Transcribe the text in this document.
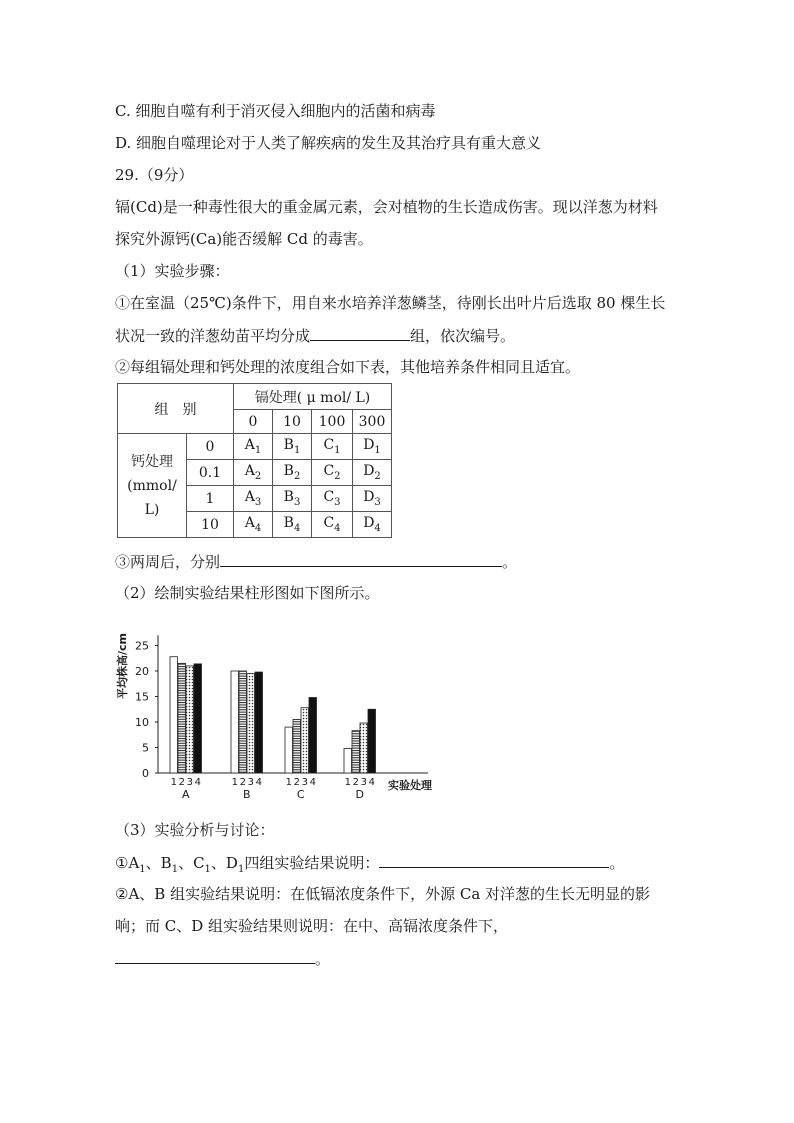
C. 细胞自噬有利于消灭侵入细胞内的活菌和病毒
D. 细胞自噬理论对于人类了解疾病的发生及其治疗具有重大意义
29.（9分）
镉(Cd)是一种毒性很大的重金属元素，会对植物的生长造成伤害。现以洋葱为材料
探究外源钙(Ca)能否缓解 Cd 的毒害。
（1）实验步骤：
①在室温（25℃)条件下，用自来水培养洋葱鳞茎，待刚长出叶片后选取 80 棵生长
状况一致的洋葱幼苗平均分成	组，依次编号。
②每组镉处理和钙处理的浓度组合如下表，其他培养条件相同且适宜。
组　别		镉处理( μ mol/ L)			
		0	10	100	300
钙处理
(mmol/
L)	0	$A_1$	$B_1$	$C_1$	$D_1$
	0.1	$A_2$	$B_2$	$C_2$	$D_2$
	1	$A_3$	$B_3$	$C_3$	$D_3$
	10	$A_4$	$B_4$	$C_4$	$D_4$
③两周后，分别	。
（2）绘制实验结果柱形图如下图所示。
0
5
10
15
20
25
平均株高/cm
1 2 3 4
A
1 2 3 4
B
1 2 3 4
C
1 2 3 4
D
实验处理
（3）实验分析与讨论：
$①A_1$、$B_1$、$C_1$、$D_1$四组实验结果说明：	。
②A、B 组实验结果说明：在低镉浓度条件下，外源 Ca 对洋葱的生长无明显的影
响；而 C、D 组实验结果则说明：在中、高镉浓度条件下，
。
